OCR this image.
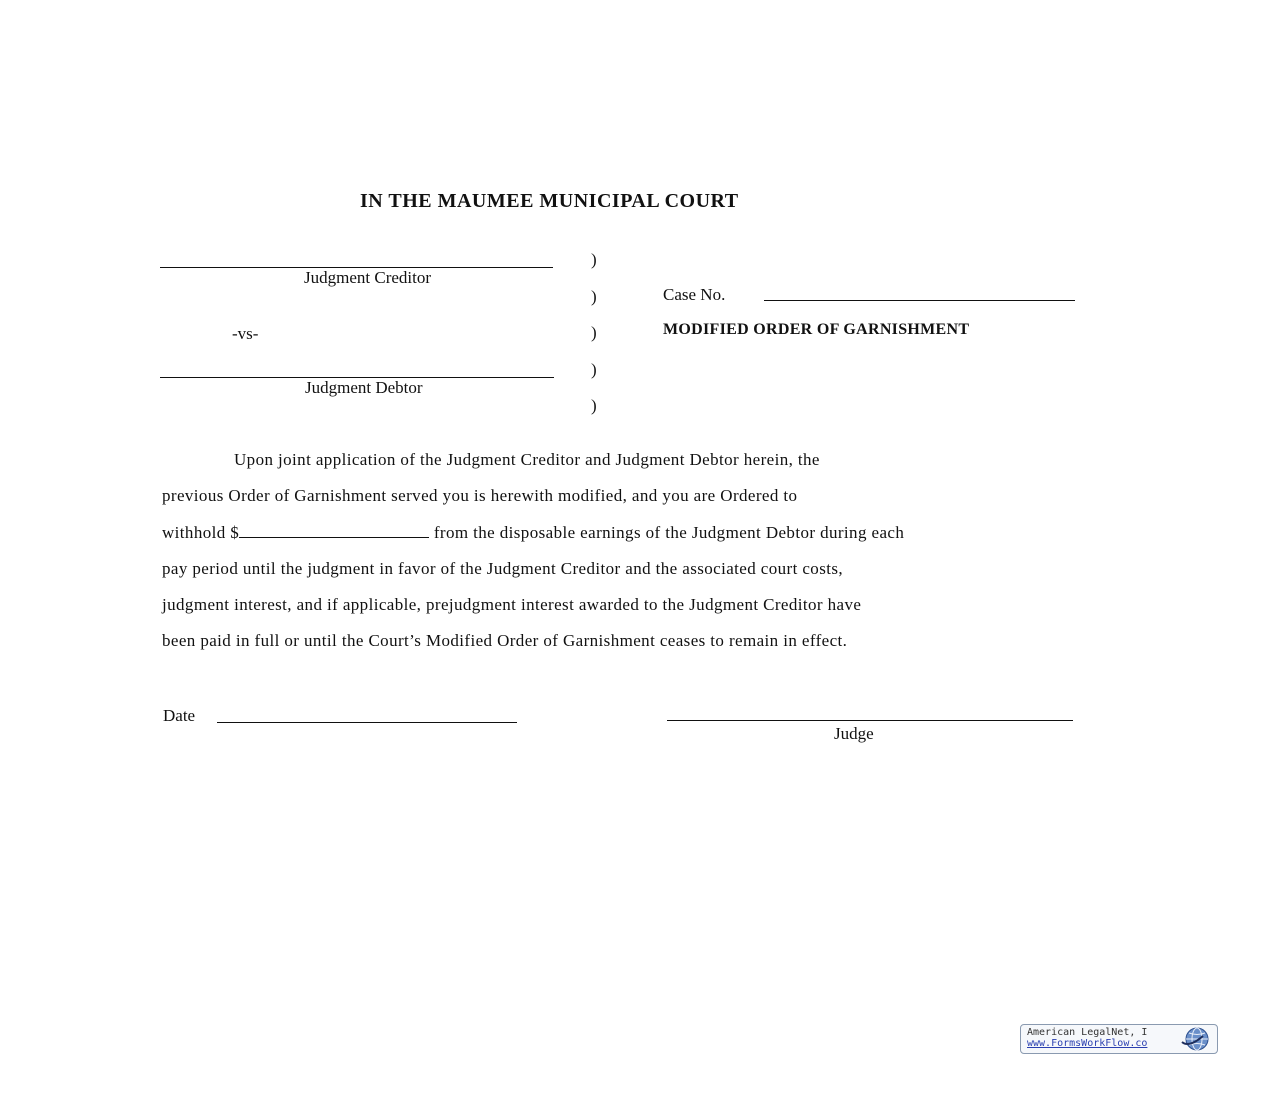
IN THE MAUMEE MUNICIPAL COURT
Judgment Creditor
-vs-
Judgment Debtor
)
)
)
)
)
Case No.
MODIFIED ORDER OF GARNISHMENT
Upon joint application of the Judgment Creditor and Judgment Debtor herein, the
previous Order of Garnishment served you is herewith modified, and you are Ordered to
withhold $	from the disposable earnings of the Judgment Debtor during each
pay period until the judgment in favor of the Judgment Creditor and the associated court costs,
judgment interest, and if applicable, prejudgment interest awarded to the Judgment Creditor have
been paid in full or until the Court’s Modified Order of Garnishment ceases to remain in effect.
Date
Judge
American LegalNet, I
www.FormsWorkFlow.co
